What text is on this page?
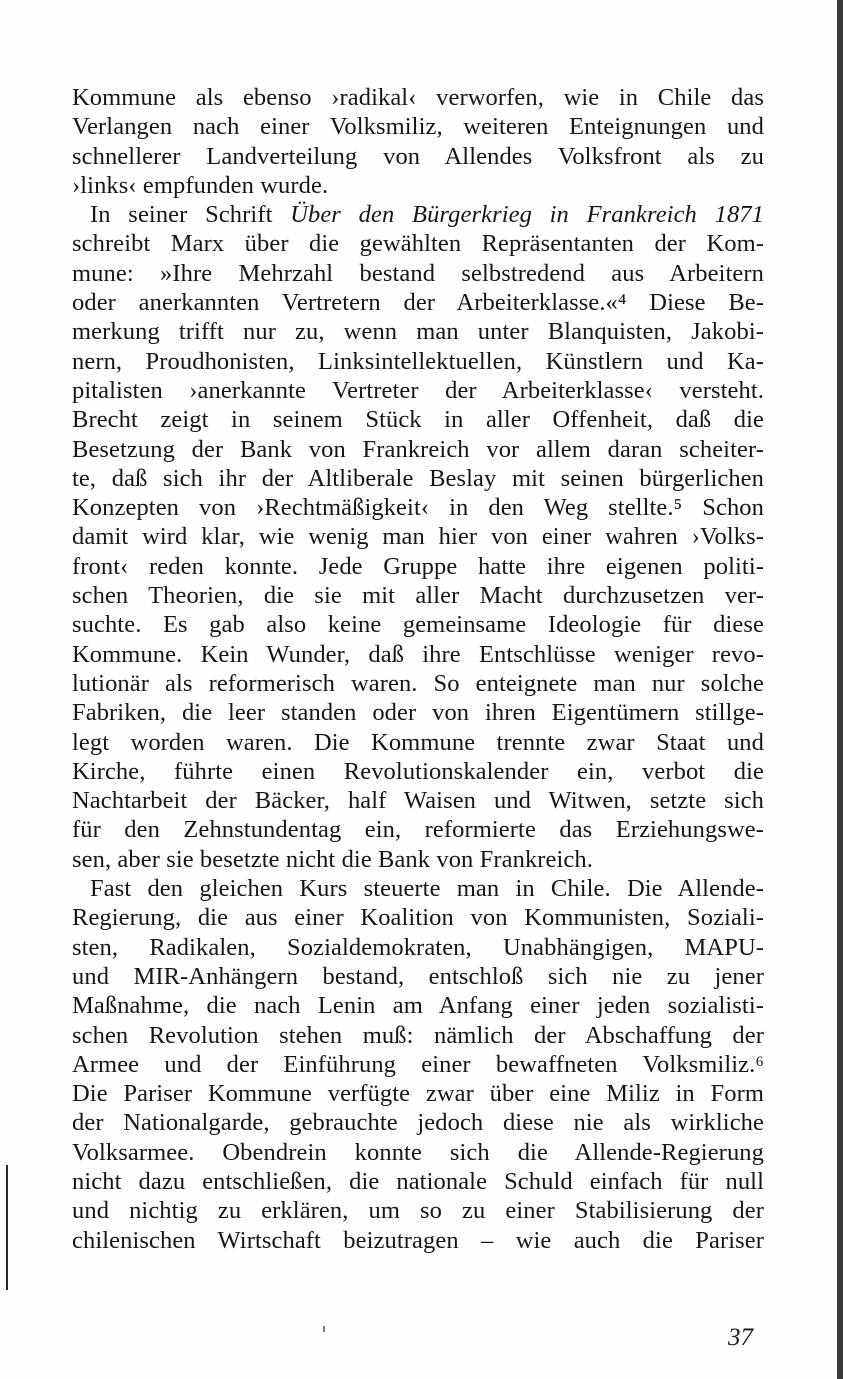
Kommune als ebenso ›radikal‹ verworfen, wie in Chile das
Verlangen nach einer Volksmiliz, weiteren Enteignungen und
schnellerer Landverteilung von Allendes Volksfront als zu
›links‹ empfunden wurde.
In seiner Schrift Über den Bürgerkrieg in Frankreich 1871
schreibt Marx über die gewählten Repräsentanten der Kom-
mune: »Ihre Mehrzahl bestand selbstredend aus Arbeitern
oder anerkannten Vertretern der Arbeiterklasse.«⁴ Diese Be-
merkung trifft nur zu, wenn man unter Blanquisten, Jakobi-
nern, Proudhonisten, Linksintellektuellen, Künstlern und Ka-
pitalisten ›anerkannte Vertreter der Arbeiterklasse‹ versteht.
Brecht zeigt in seinem Stück in aller Offenheit, daß die
Besetzung der Bank von Frankreich vor allem daran scheiter-
te, daß sich ihr der Altliberale Beslay mit seinen bürgerlichen
Konzepten von ›Rechtmäßigkeit‹ in den Weg stellte.⁵ Schon
damit wird klar, wie wenig man hier von einer wahren ›Volks-
front‹ reden konnte. Jede Gruppe hatte ihre eigenen politi-
schen Theorien, die sie mit aller Macht durchzusetzen ver-
suchte. Es gab also keine gemeinsame Ideologie für diese
Kommune. Kein Wunder, daß ihre Entschlüsse weniger revo-
lutionär als reformerisch waren. So enteignete man nur solche
Fabriken, die leer standen oder von ihren Eigentümern stillge-
legt worden waren. Die Kommune trennte zwar Staat und
Kirche, führte einen Revolutionskalender ein, verbot die
Nachtarbeit der Bäcker, half Waisen und Witwen, setzte sich
für den Zehnstundentag ein, reformierte das Erziehungswe-
sen, aber sie besetzte nicht die Bank von Frankreich.
Fast den gleichen Kurs steuerte man in Chile. Die Allende-
Regierung, die aus einer Koalition von Kommunisten, Soziali-
sten, Radikalen, Sozialdemokraten, Unabhängigen, MAPU-
und MIR-Anhängern bestand, entschloß sich nie zu jener
Maßnahme, die nach Lenin am Anfang einer jeden sozialisti-
schen Revolution stehen muß: nämlich der Abschaffung der
Armee und der Einführung einer bewaffneten Volksmiliz.⁶
Die Pariser Kommune verfügte zwar über eine Miliz in Form
der Nationalgarde, gebrauchte jedoch diese nie als wirkliche
Volksarmee. Obendrein konnte sich die Allende-Regierung
nicht dazu entschließen, die nationale Schuld einfach für null
und nichtig zu erklären, um so zu einer Stabilisierung der
chilenischen Wirtschaft beizutragen – wie auch die Pariser
37
